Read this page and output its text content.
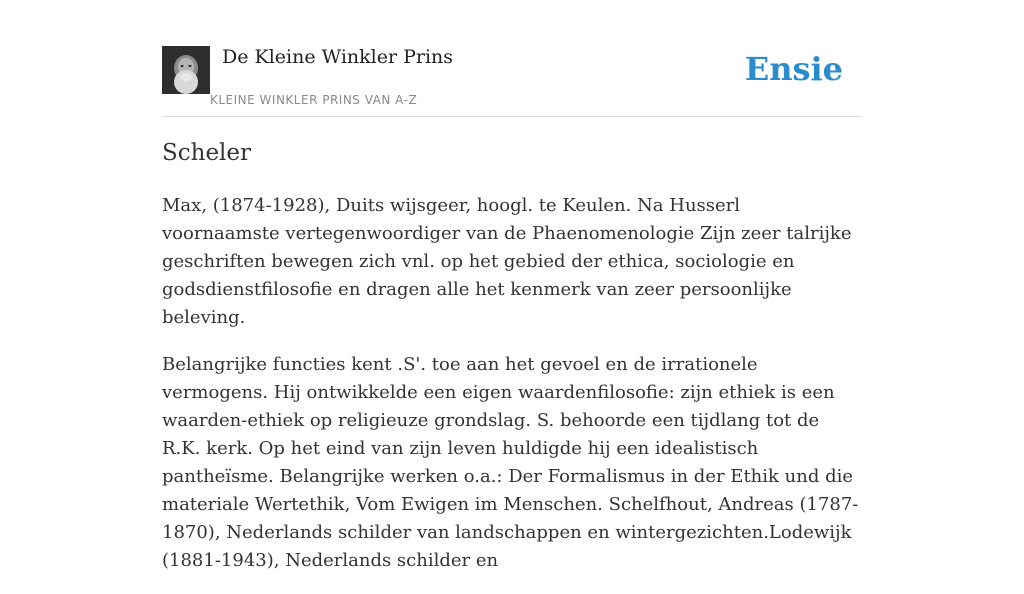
De Kleine Winkler Prins
KLEINE WINKLER PRINS VAN A-Z
Ensie
Scheler

Max, (1874-1928), Duits wijsgeer, hoogl. te Keulen. Na Husserl voornaamste vertegenwoordiger van de Phaenomenologie Zijn zeer talrijke geschriften bewegen zich vnl. op het gebied der ethica, sociologie en godsdienstfilosofie en dragen alle het kenmerk van zeer persoonlijke beleving.

Belangrijke functies kent .S'. toe aan het gevoel en de irrationele vermogens. Hij ontwikkelde een eigen waardenfilosofie: zijn ethiek is een waarden-ethiek op religieuze grondslag. S. behoorde een tijdlang tot de R.K. kerk. Op het eind van zijn leven huldigde hij een idealistisch pantheïsme. Belangrijke werken o.a.: Der Formalismus in der Ethik und die materiale Wertethik, Vom Ewigen im Menschen. Schelfhout, Andreas (1787-1870), Nederlands schilder van landschappen en wintergezichten.Lodewijk (1881-1943), Nederlands schilder en
